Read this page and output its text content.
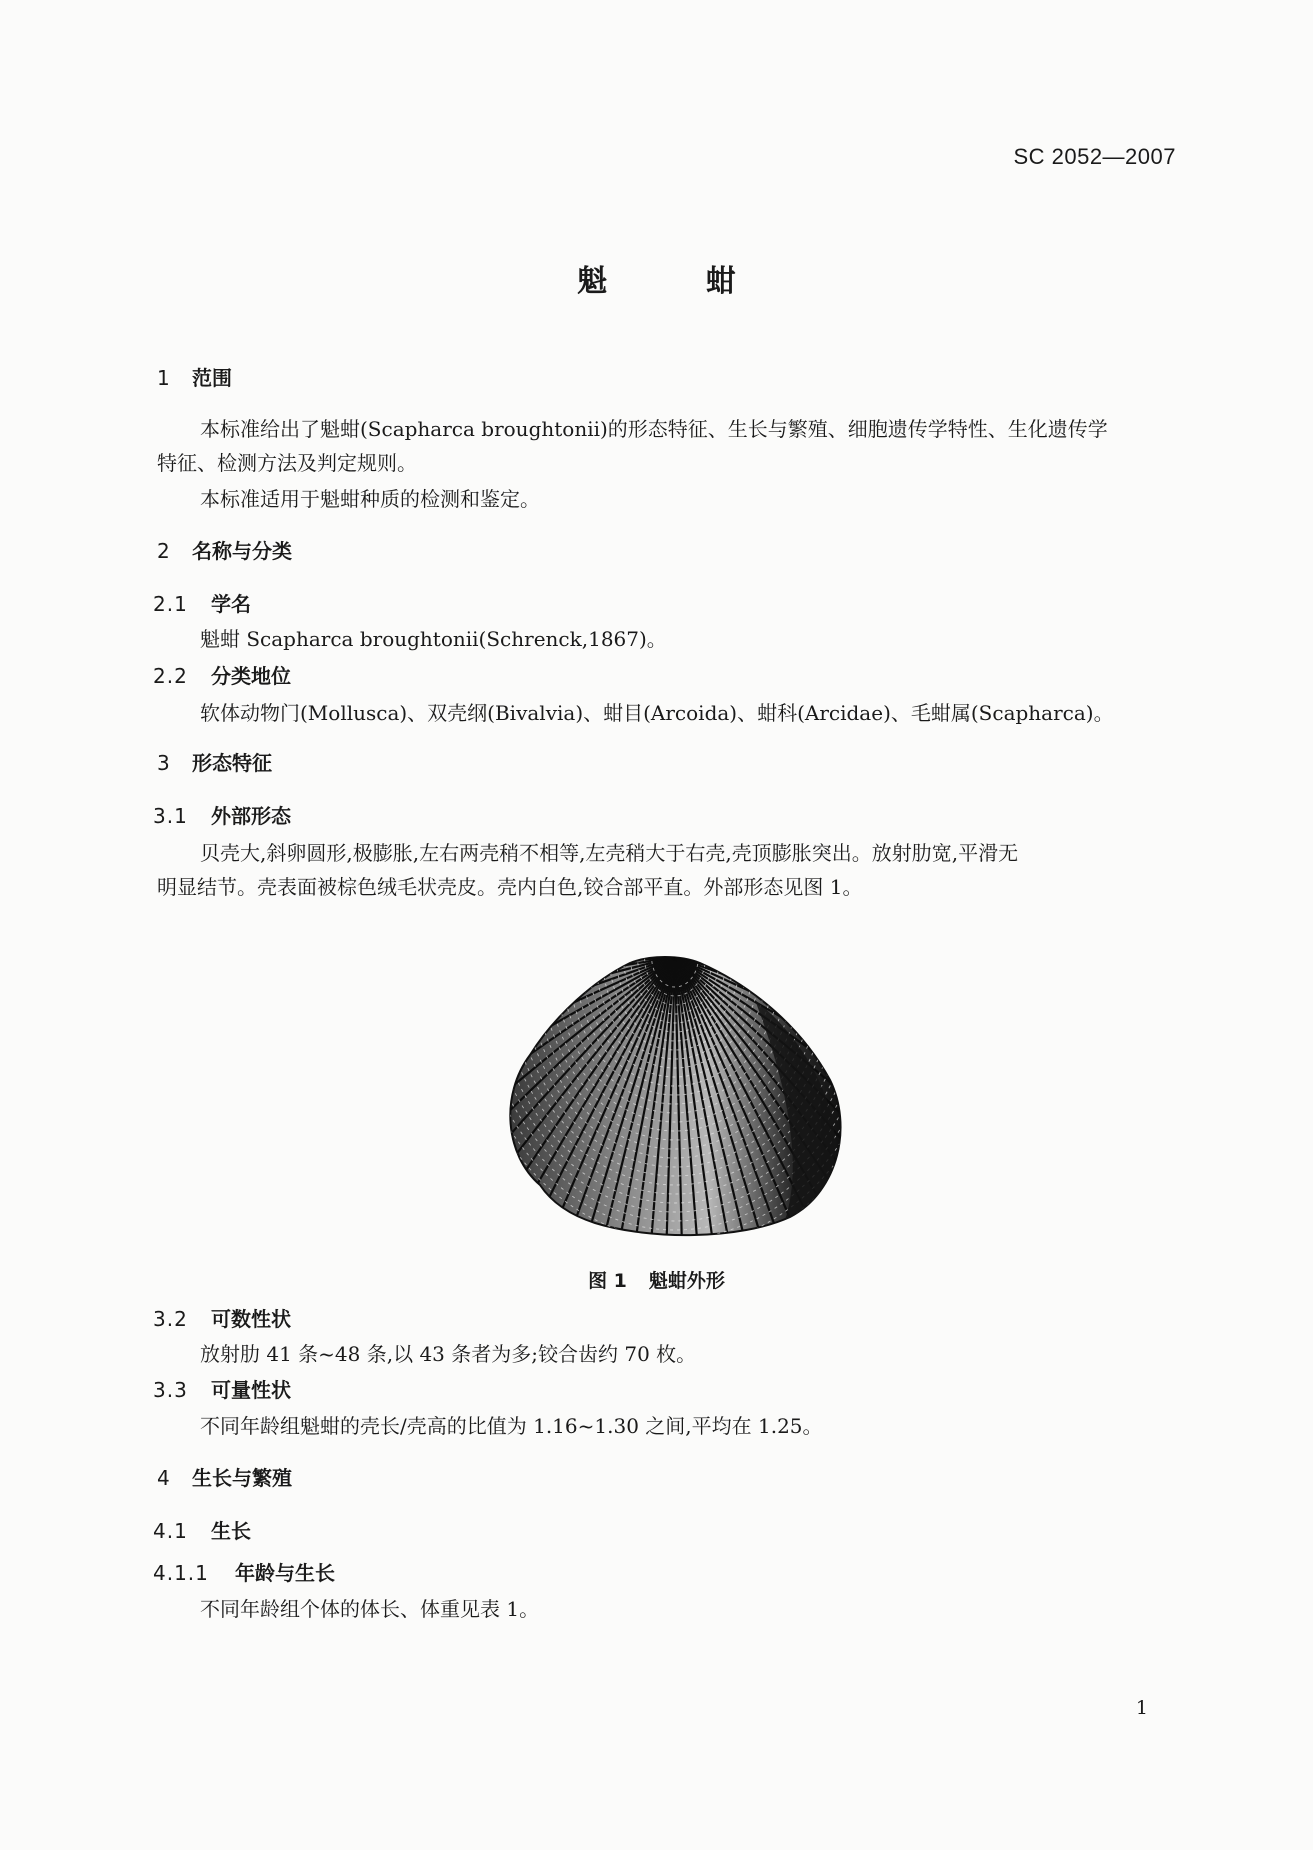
SC 2052—2007
魁 蚶
1 范围
本标准给出了魁蚶(Scapharca broughtonii)的形态特征、生长与繁殖、细胞遗传学特性、生化遗传学
特征、检测方法及判定规则。
本标准适用于魁蚶种质的检测和鉴定。
2 名称与分类
2.1 学名
魁蚶 Scapharca broughtonii(Schrenck,1867)。
2.2 分类地位
软体动物门(Mollusca)、双壳纲(Bivalvia)、蚶目(Arcoida)、蚶科(Arcidae)、毛蚶属(Scapharca)。
3 形态特征
3.1 外部形态
贝壳大,斜卵圆形,极膨胀,左右两壳稍不相等,左壳稍大于右壳,壳顶膨胀突出。放射肋宽,平滑无
明显结节。壳表面被棕色绒毛状壳皮。壳内白色,铰合部平直。外部形态见图 1。
图 1 魁蚶外形
3.2 可数性状
放射肋 41 条~48 条,以 43 条者为多;铰合齿约 70 枚。
3.3 可量性状
不同年龄组魁蚶的壳长/壳高的比值为 1.16~1.30 之间,平均在 1.25。
4 生长与繁殖
4.1 生长
4.1.1 年龄与生长
不同年龄组个体的体长、体重见表 1。
1
